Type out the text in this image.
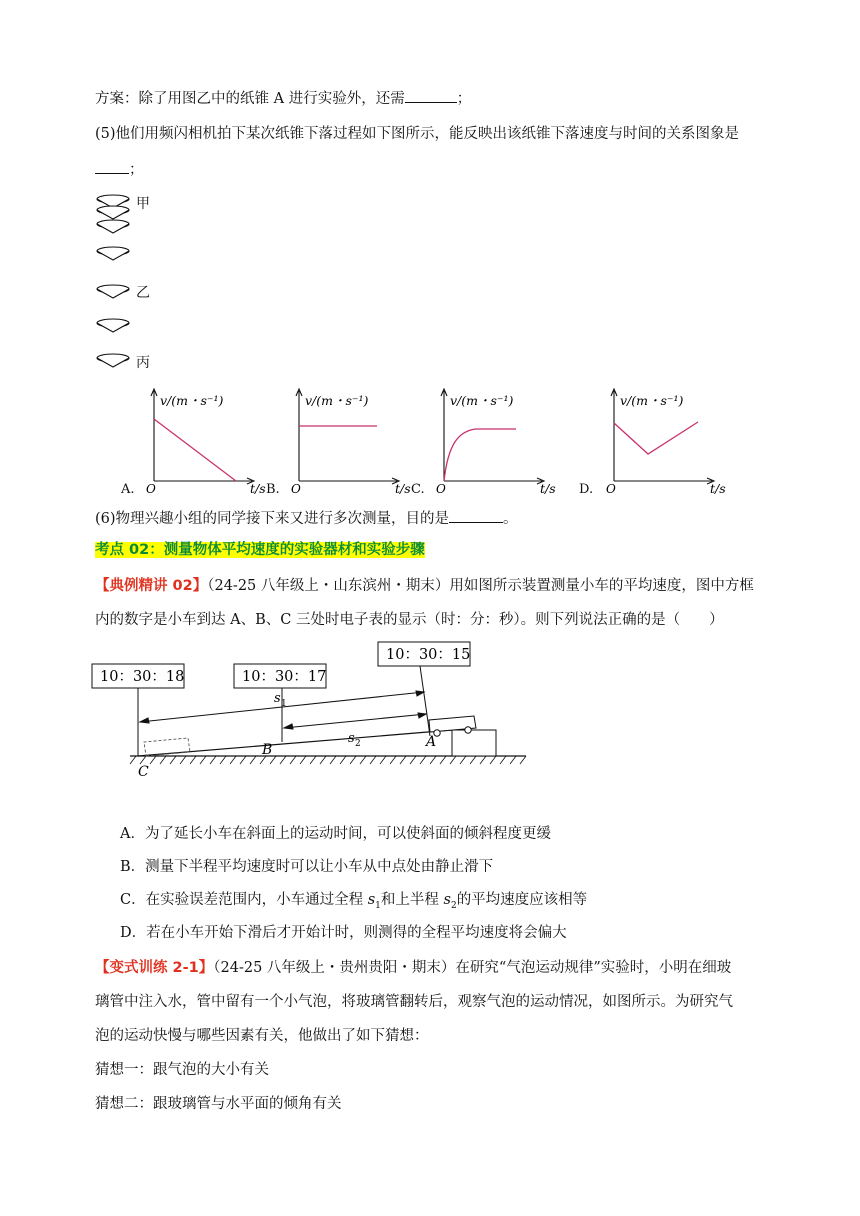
方案：除了用图乙中的纸锥 A 进行实验外，还需	；
(5)他们用频闪相机拍下某次纸锥下落过程如下图所示，能反映出该纸锥下落速度与时间的关系图象是
；
甲
乙
丙
v/(m・s⁻¹)
O	t/s
v/(m・s⁻¹)
O	t/s
v/(m・s⁻¹)
O	t/s
v/(m・s⁻¹)
O	t/s
A.	B.	C.	D.
(6)物理兴趣小组的同学接下来又进行多次测量，目的是	。
考点 02：测量物体平均速度的实验器材和实验步骤
【典例精讲 02】（24-25 八年级上・山东滨州・期末）用如图所示装置测量小车的平均速度，图中方框
内的数字是小车到达 A、B、C 三处时电子表的显示（时：分：秒）。则下列说法正确的是（　　）
10：30：18	10：30：17
10：30：15
s 1
s 2	A
B
C
A．为了延长小车在斜面上的运动时间，可以使斜面的倾斜程度更缓
B．测量下半程平均速度时可以让小车从中点处由静止滑下
C．在实验误差范围内，小车通过全程 $s_1$和上半程 $s_2$的平均速度应该相等
D．若在小车开始下滑后才开始计时，则测得的全程平均速度将会偏大
【变式训练 2-1】（24-25 八年级上・贵州贵阳・期末）在研究“气泡运动规律”实验时，小明在细玻
璃管中注入水，管中留有一个小气泡，将玻璃管翻转后，观察气泡的运动情况，如图所示。为研究气
泡的运动快慢与哪些因素有关，他做出了如下猜想：
猜想一：跟气泡的大小有关
猜想二：跟玻璃管与水平面的倾角有关
